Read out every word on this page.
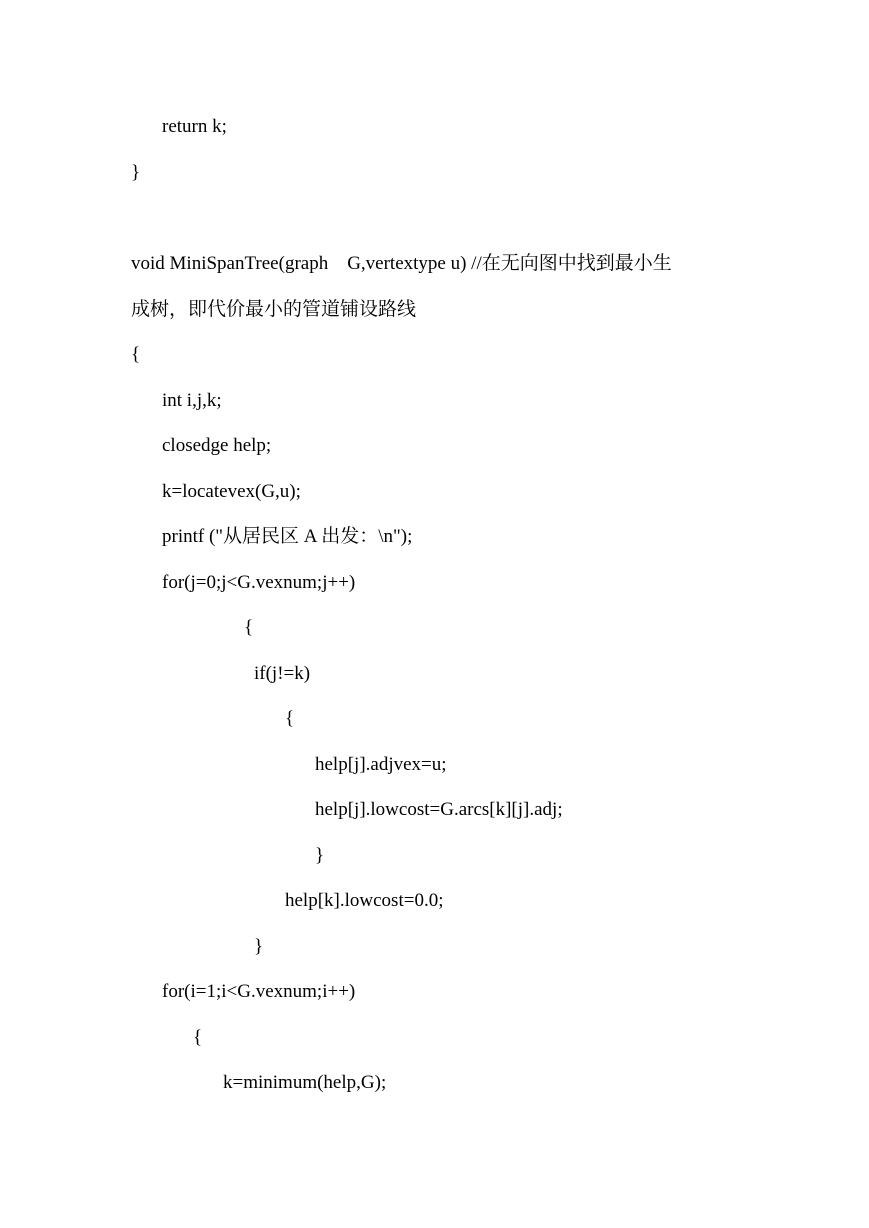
return k;
}
void MiniSpanTree(graph    G,vertextype u) //在无向图中找到最小生
成树，即代价最小的管道铺设路线
{
int i,j,k;
closedge help;
k=locatevex(G,u);
printf ("从居民区 A 出发：\n");
for(j=0;j<G.vexnum;j++)
{
if(j!=k)
{
help[j].adjvex=u;
help[j].lowcost=G.arcs[k][j].adj;
}
help[k].lowcost=0.0;
}
for(i=1;i<G.vexnum;i++)
{
k=minimum(help,G);
